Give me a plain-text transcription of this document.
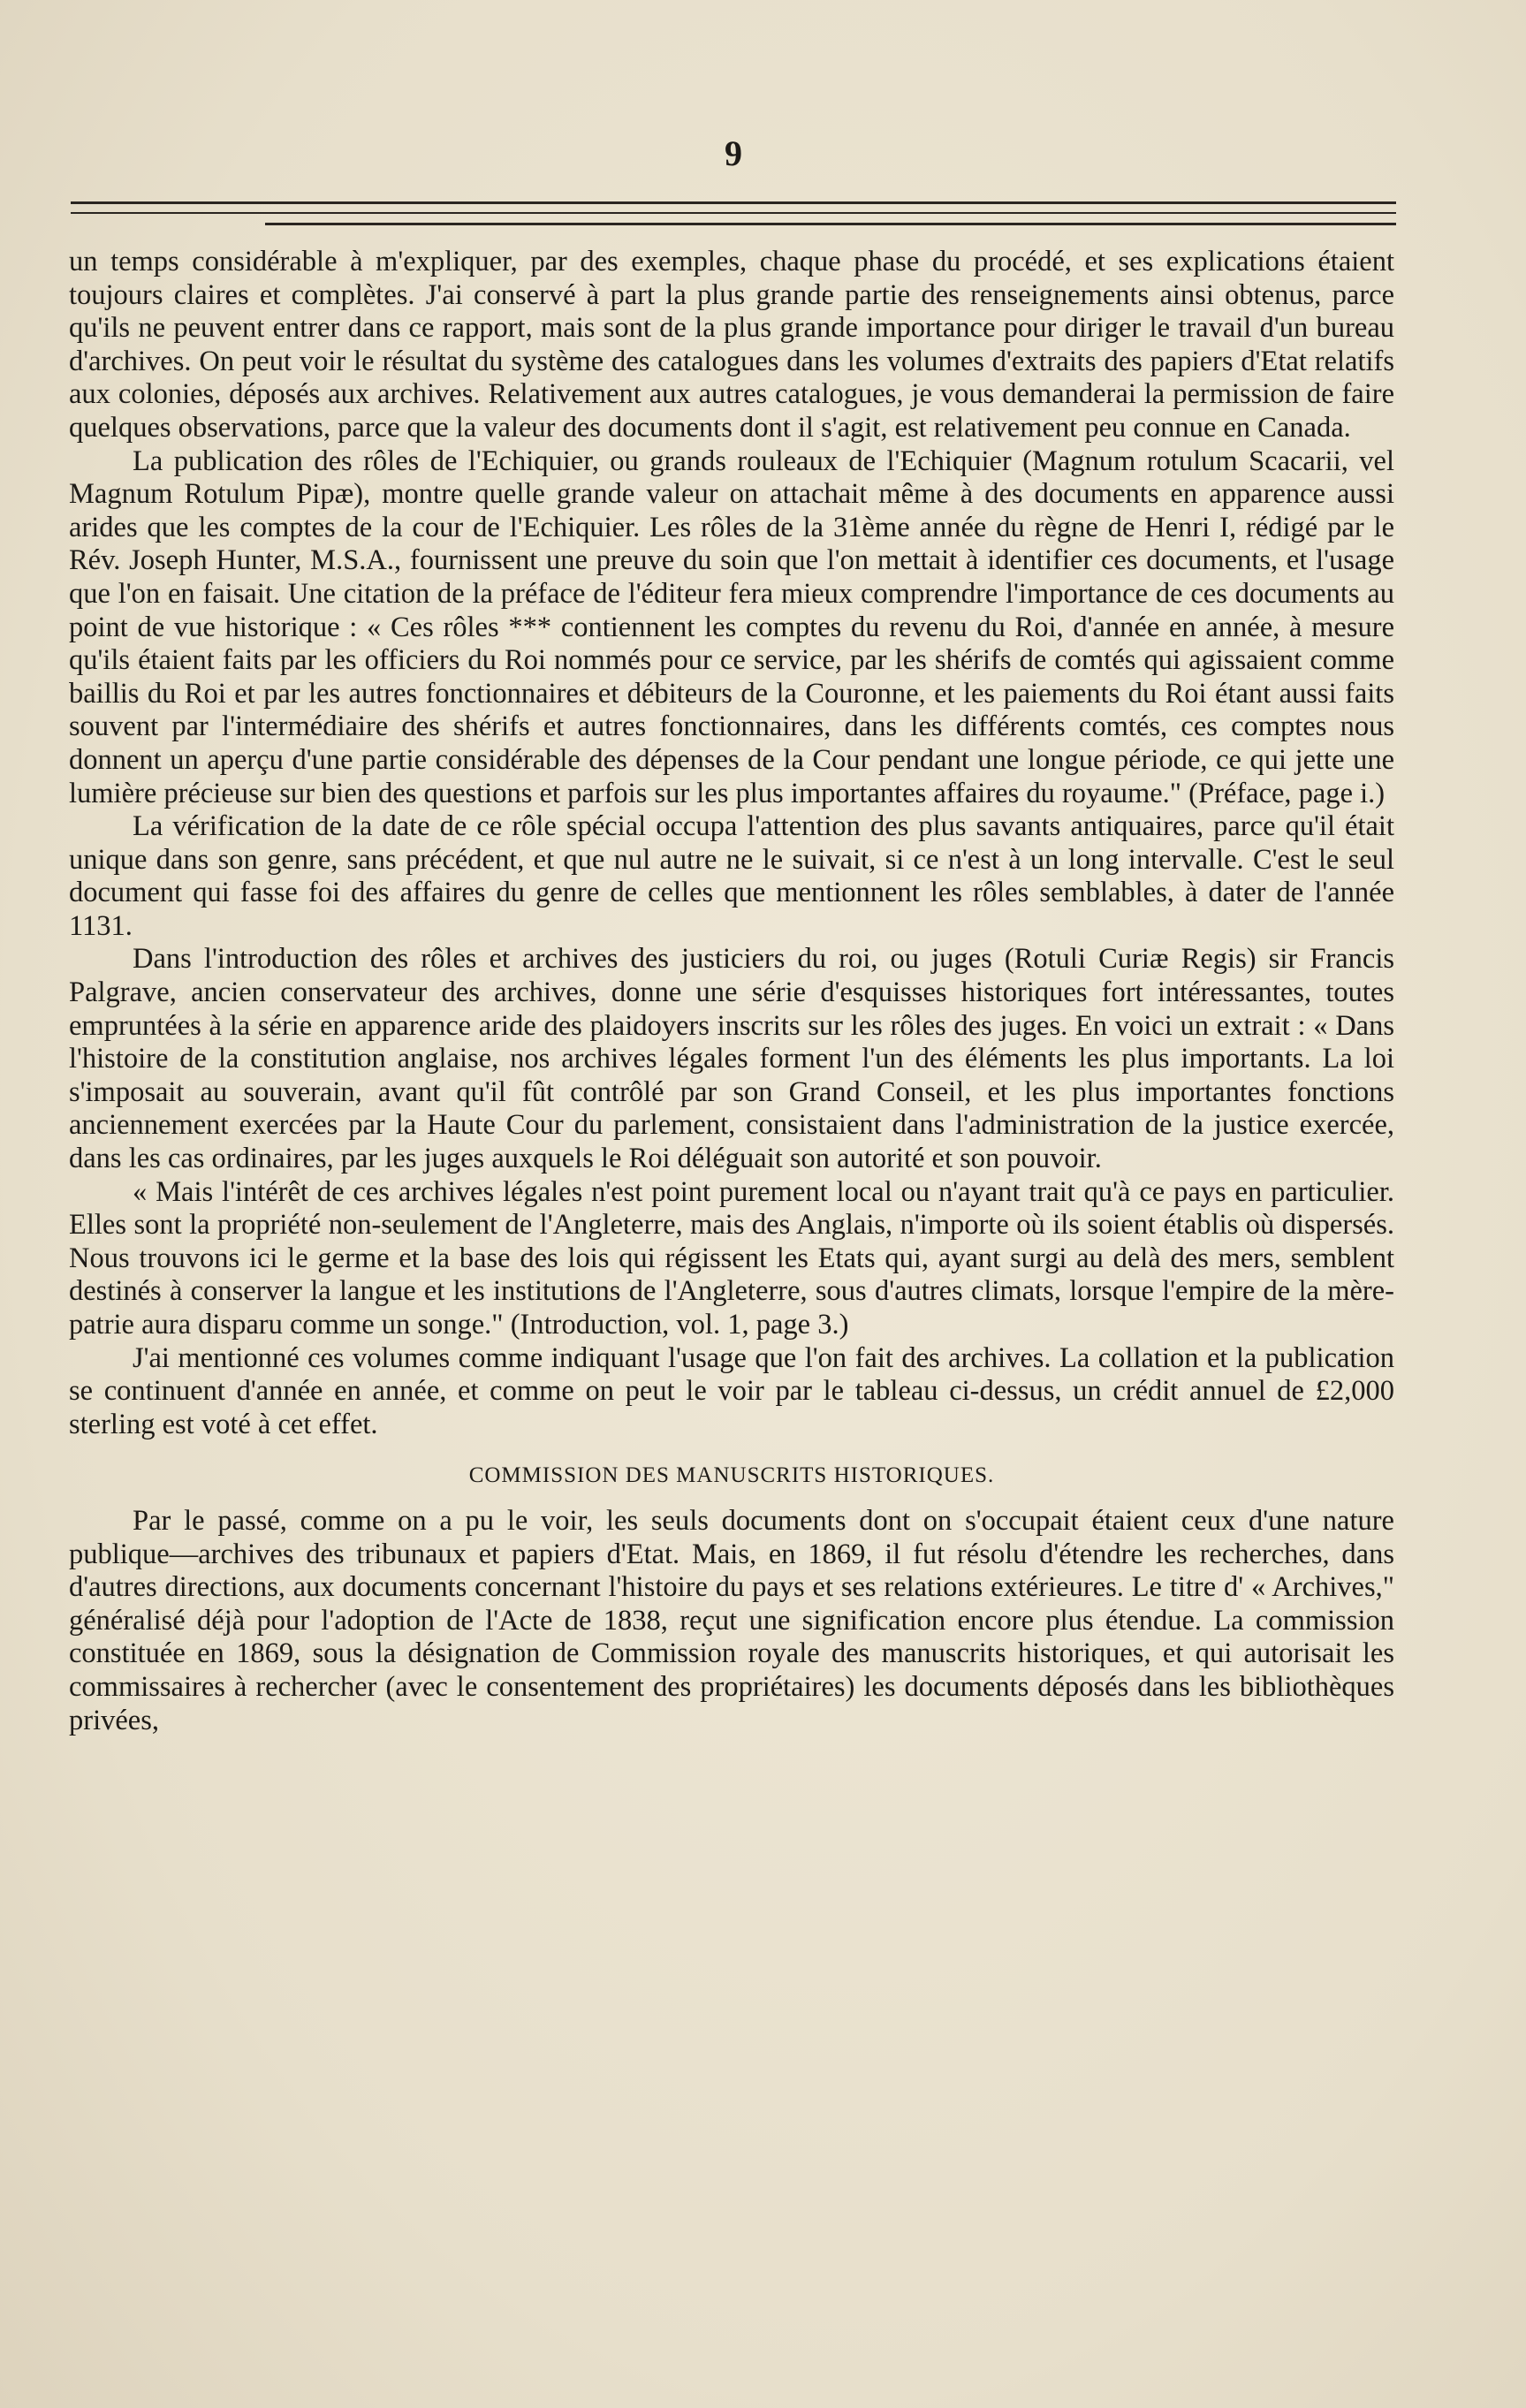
9

un temps considérable à m'expliquer, par des exemples, chaque phase du procédé, et ses explications étaient toujours claires et complètes. J'ai conservé à part la plus grande partie des renseignements ainsi obtenus, parce qu'ils ne peuvent entrer dans ce rapport, mais sont de la plus grande importance pour diriger le travail d'un bureau d'archives. On peut voir le résultat du système des catalogues dans les volumes d'extraits des papiers d'Etat relatifs aux colonies, déposés aux archives. Relativement aux autres catalogues, je vous demanderai la permission de faire quelques observations, parce que la valeur des documents dont il s'agit, est relativement peu connue en Canada.

La publication des rôles de l'Echiquier, ou grands rouleaux de l'Echiquier (Magnum rotulum Scacarii, vel Magnum Rotulum Pipæ), montre quelle grande valeur on attachait même à des documents en apparence aussi arides que les comptes de la cour de l'Echiquier. Les rôles de la 31ème année du règne de Henri I, rédigé par le Rév. Joseph Hunter, M.S.A., fournissent une preuve du soin que l'on mettait à identifier ces documents, et l'usage que l'on en faisait. Une citation de la préface de l'éditeur fera mieux comprendre l'importance de ces documents au point de vue historique : « Ces rôles *** contiennent les comptes du revenu du Roi, d'année en année, à mesure qu'ils étaient faits par les officiers du Roi nommés pour ce service, par les shérifs de comtés qui agissaient comme baillis du Roi et par les autres fonctionnaires et débiteurs de la Couronne, et les paiements du Roi étant aussi faits souvent par l'intermédiaire des shérifs et autres fonctionnaires, dans les différents comtés, ces comptes nous donnent un aperçu d'une partie considérable des dépenses de la Cour pendant une longue période, ce qui jette une lumière précieuse sur bien des questions et parfois sur les plus importantes affaires du royaume." (Préface, page i.)

La vérification de la date de ce rôle spécial occupa l'attention des plus savants antiquaires, parce qu'il était unique dans son genre, sans précédent, et que nul autre ne le suivait, si ce n'est à un long intervalle. C'est le seul document qui fasse foi des affaires du genre de celles que mentionnent les rôles semblables, à dater de l'année 1131.

Dans l'introduction des rôles et archives des justiciers du roi, ou juges (Rotuli Curiæ Regis) sir Francis Palgrave, ancien conservateur des archives, donne une série d'esquisses historiques fort intéressantes, toutes empruntées à la série en apparence aride des plaidoyers inscrits sur les rôles des juges. En voici un extrait : « Dans l'histoire de la constitution anglaise, nos archives légales forment l'un des éléments les plus importants. La loi s'imposait au souverain, avant qu'il fût contrôlé par son Grand Conseil, et les plus importantes fonctions anciennement exercées par la Haute Cour du parlement, consistaient dans l'administration de la justice exercée, dans les cas ordinaires, par les juges auxquels le Roi déléguait son autorité et son pouvoir.

« Mais l'intérêt de ces archives légales n'est point purement local ou n'ayant trait qu'à ce pays en particulier. Elles sont la propriété non-seulement de l'Angleterre, mais des Anglais, n'importe où ils soient établis où dispersés. Nous trouvons ici le germe et la base des lois qui régissent les Etats qui, ayant surgi au delà des mers, semblent destinés à conserver la langue et les institutions de l'Angleterre, sous d'autres climats, lorsque l'empire de la mère-patrie aura disparu comme un songe." (Introduction, vol. 1, page 3.)

J'ai mentionné ces volumes comme indiquant l'usage que l'on fait des archives. La collation et la publication se continuent d'année en année, et comme on peut le voir par le tableau ci-dessus, un crédit annuel de £2,000 sterling est voté à cet effet.

COMMISSION DES MANUSCRITS HISTORIQUES.

Par le passé, comme on a pu le voir, les seuls documents dont on s'occupait étaient ceux d'une nature publique—archives des tribunaux et papiers d'Etat. Mais, en 1869, il fut résolu d'étendre les recherches, dans d'autres directions, aux documents concernant l'histoire du pays et ses relations extérieures. Le titre d' « Archives," généralisé déjà pour l'adoption de l'Acte de 1838, reçut une signification encore plus étendue. La commission constituée en 1869, sous la désignation de Commission royale des manuscrits historiques, et qui autorisait les commissaires à rechercher (avec le consentement des propriétaires) les documents déposés dans les bibliothèques privées,
